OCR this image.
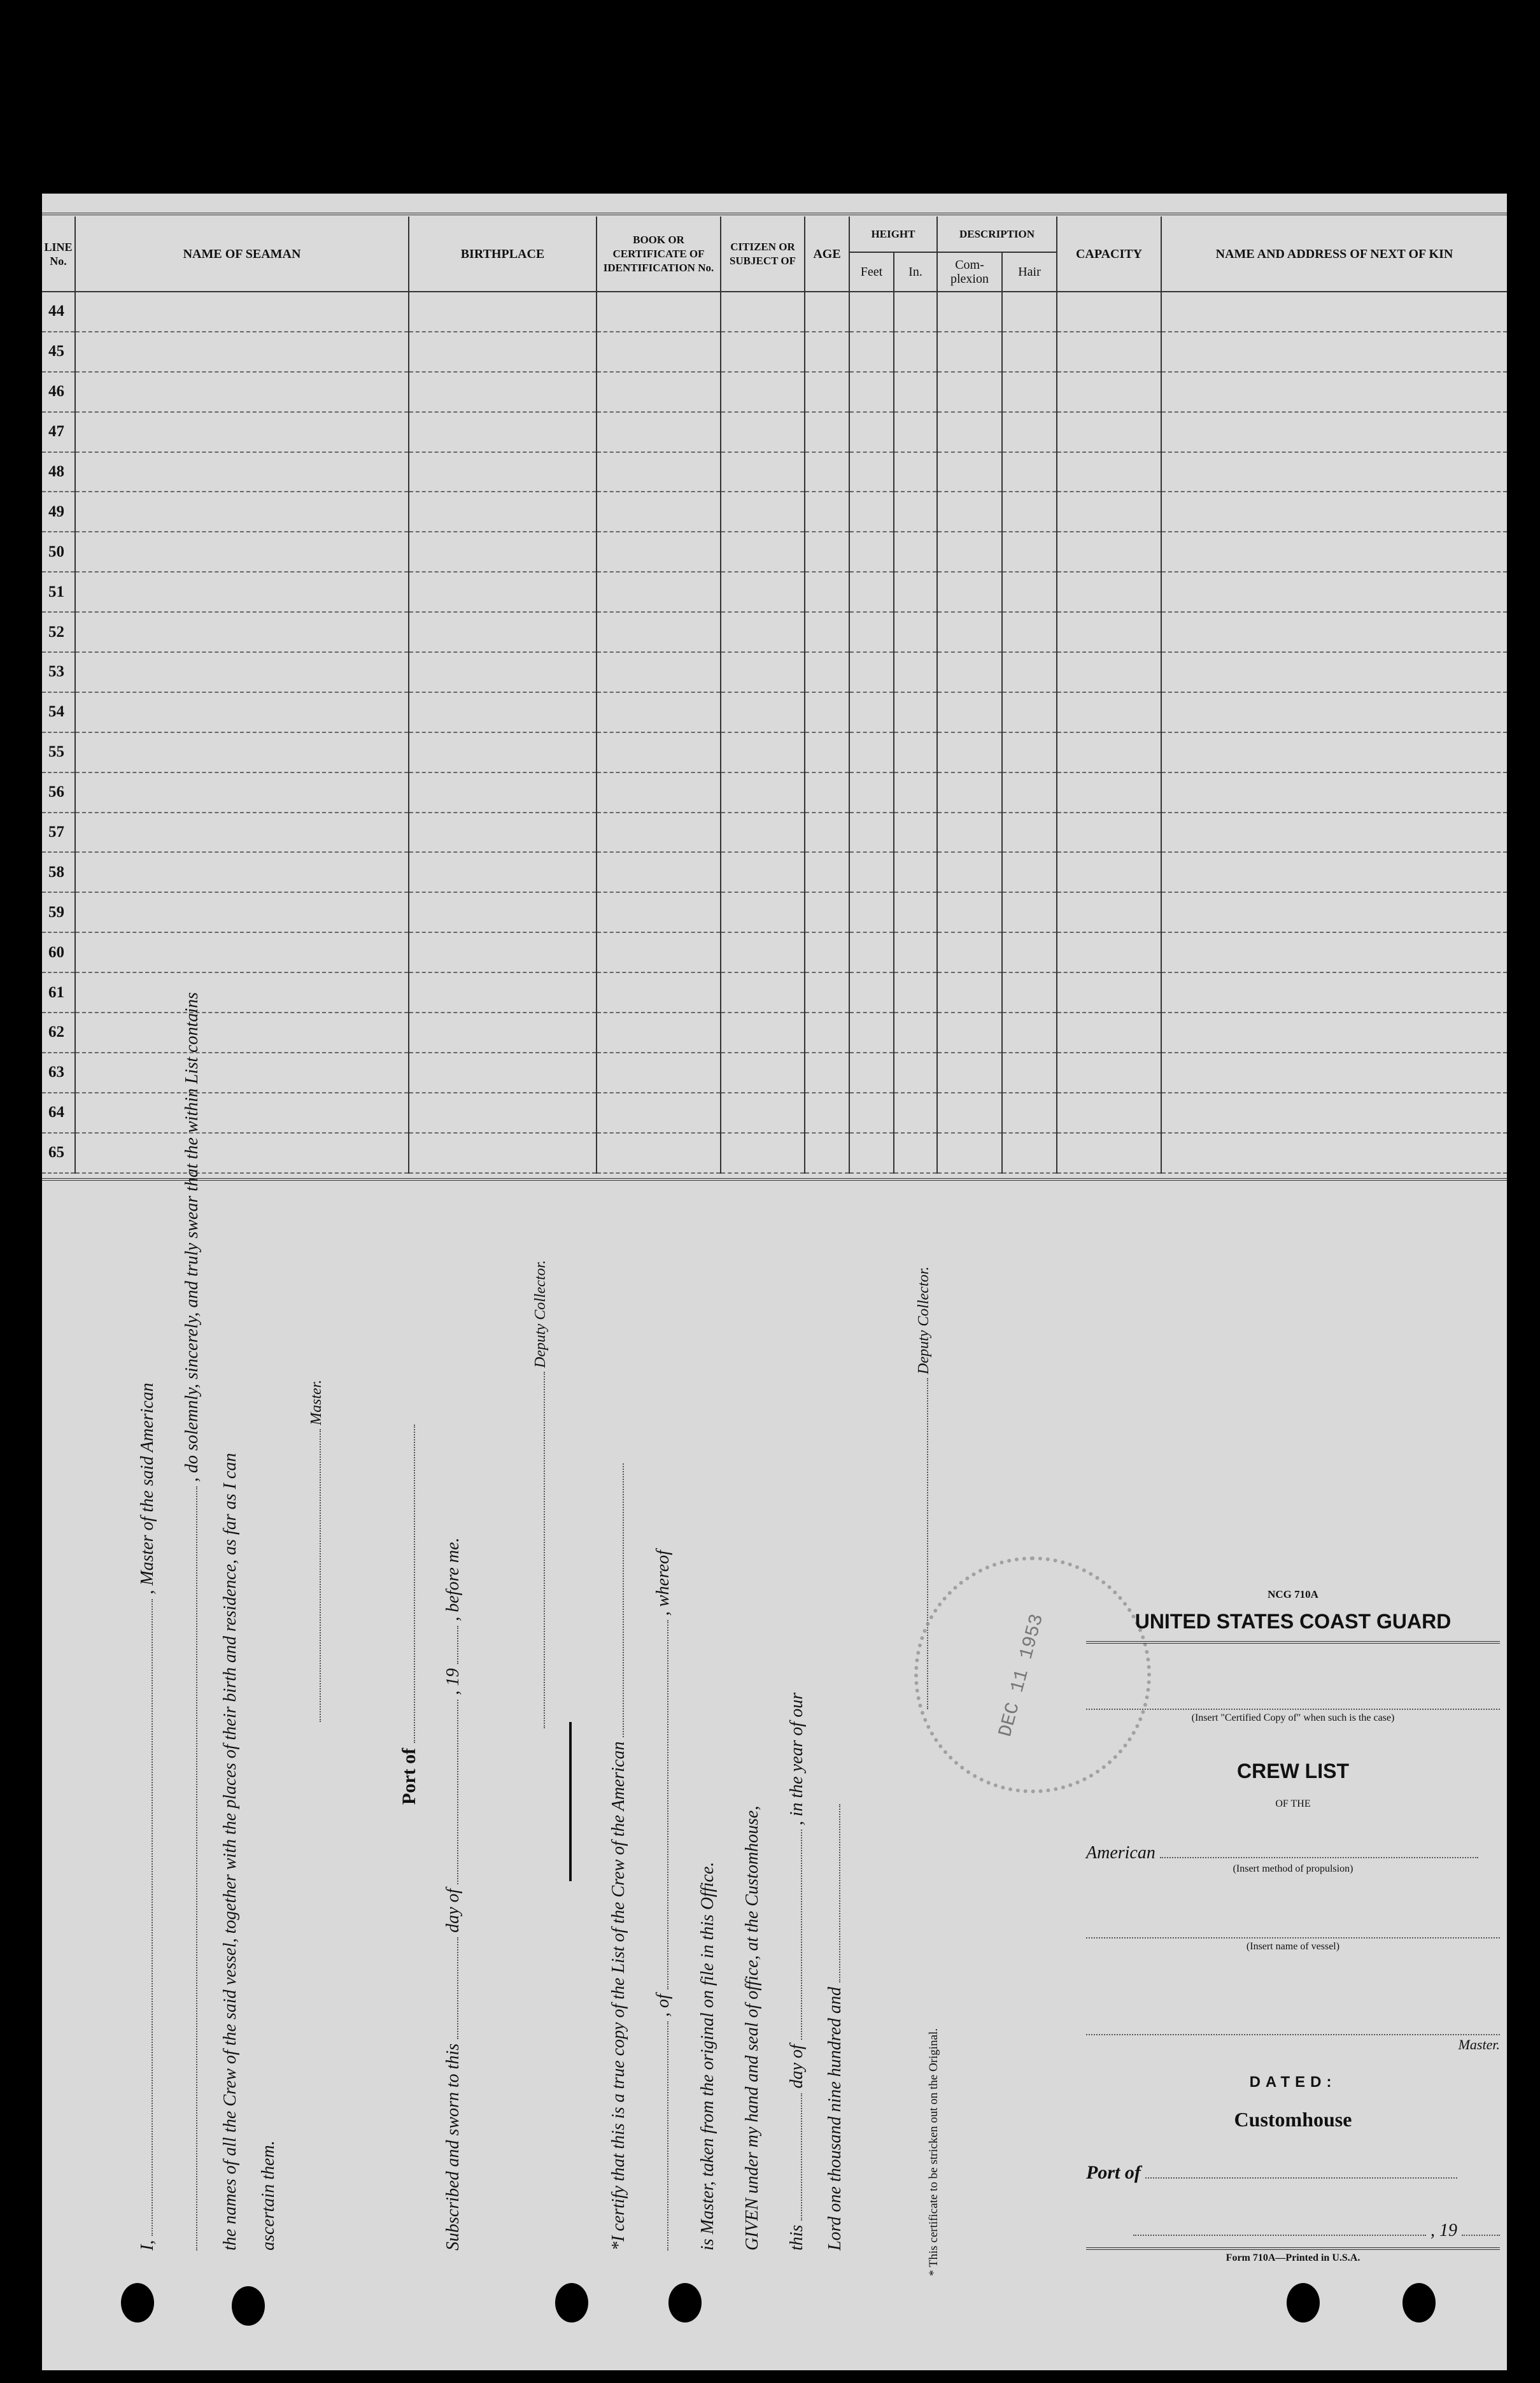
LINE No.	NAME OF SEAMAN	BIRTHPLACE	BOOK OR CERTIFICATE OF IDENTIFICATION No.	CITIZEN OR SUBJECT OF	AGE	HEIGHT		DESCRIPTION		CAPACITY	NAME AND ADDRESS OF NEXT OF KIN
						Feet	In.	Com-plexion	Hair		
44											
45											
46											
47											
48											
49											
50											
51											
52											
53											
54											
55											
56											
57											
58											
59											
60											
61											
62											
63											
64											
65											
I,  , Master of the said American
, do solemnly, sincerely, and truly swear that the within List contains
the names of all the Crew of the said vessel, together with the places of their birth and residence, as far as I can ascertain them.
Master.
Port of
Subscribed and sworn to this  day of  , 19  , before me.
Deputy Collector.
*I certify that this is a true copy of the List of the Crew of the American , of  , whereof
is Master, taken from the original on file in this Office. GIVEN under my hand and seal of office, at the Customhouse, this  day of  , in the year of our
Lord one thousand nine hundred and
Deputy Collector.
* This certificate to be stricken out on the Original.
DEC 11 1953
NCG 710A
UNITED STATES COAST GUARD
(Insert "Certified Copy of" when such is the case)
CREW LIST
OF THE
American
(Insert method of propulsion)
(Insert name of vessel)
Master.
DATED:
Customhouse
Port of
, 19
Form 710A—Printed in U.S.A.
